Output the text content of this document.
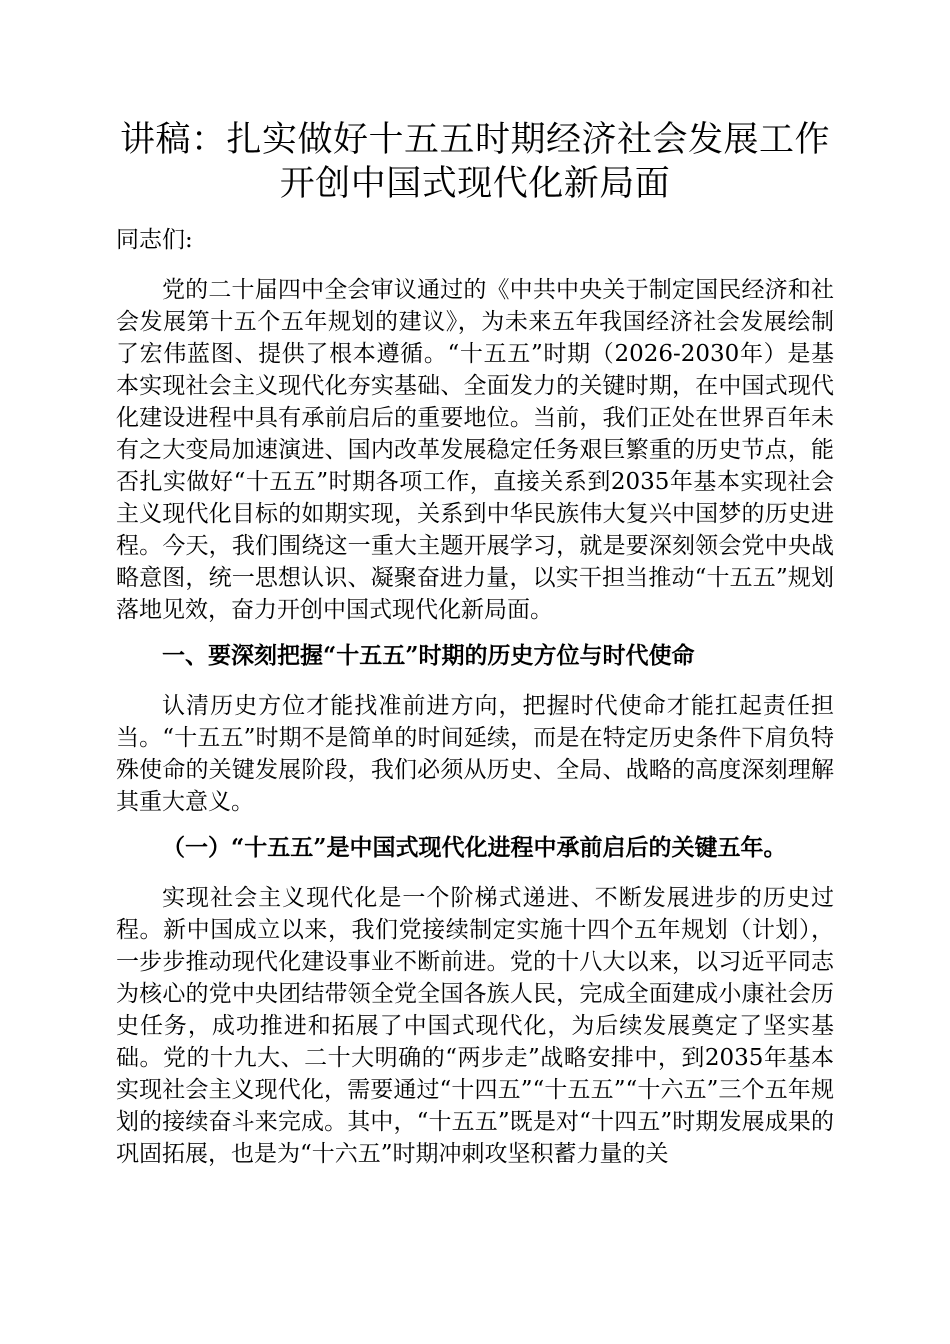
讲稿：扎实做好十五五时期经济社会发展工作
开创中国式现代化新局面

同志们:

党的二十届四中全会审议通过的《中共中央关于制定国民经济和社会发展第十五个五年规划的建议》，为未来五年我国经济社会发展绘制了宏伟蓝图、提供了根本遵循。“十五五”时期（2026-2030年）是基本实现社会主义现代化夯实基础、全面发力的关键时期，在中国式现代化建设进程中具有承前启后的重要地位。当前，我们正处在世界百年未有之大变局加速演进、国内改革发展稳定任务艰巨繁重的历史节点，能否扎实做好“十五五”时期各项工作，直接关系到2035年基本实现社会主义现代化目标的如期实现，关系到中华民族伟大复兴中国梦的历史进程。今天，我们围绕这一重大主题开展学习，就是要深刻领会党中央战略意图，统一思想认识、凝聚奋进力量，以实干担当推动“十五五”规划落地见效，奋力开创中国式现代化新局面。

一、要深刻把握“十五五”时期的历史方位与时代使命

认清历史方位才能找准前进方向，把握时代使命才能扛起责任担当。“十五五”时期不是简单的时间延续，而是在特定历史条件下肩负特殊使命的关键发展阶段，我们必须从历史、全局、战略的高度深刻理解其重大意义。

（一）“十五五”是中国式现代化进程中承前启后的关键五年。

实现社会主义现代化是一个阶梯式递进、不断发展进步的历史过程。新中国成立以来，我们党接续制定实施十四个五年规划（计划），一步步推动现代化建设事业不断前进。党的十八大以来，以习近平同志为核心的党中央团结带领全党全国各族人民，完成全面建成小康社会历史任务，成功推进和拓展了中国式现代化，为后续发展奠定了坚实基础。党的十九大、二十大明确的“两步走”战略安排中，到2035年基本实现社会主义现代化，需要通过“十四五”“十五五”“十六五”三个五年规划的接续奋斗来完成。其中，“十五五”既是对“十四五”时期发展成果的巩固拓展，也是为“十六五”时期冲刺攻坚积蓄力量的关
